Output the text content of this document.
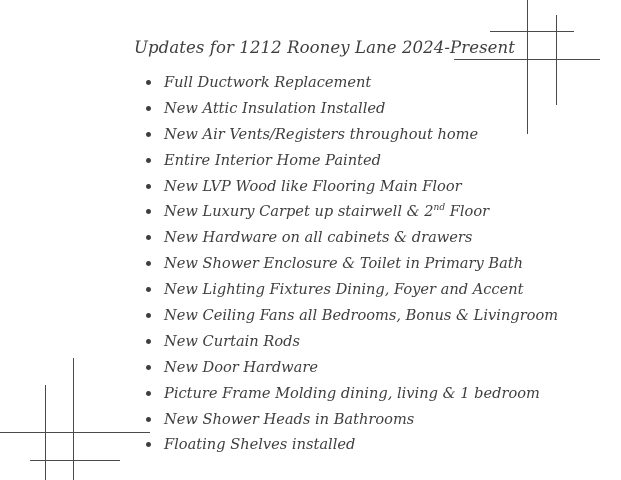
Updates for 1212 Rooney Lane 2024-Present
Full Ductwork Replacement
New Attic Insulation Installed
New Air Vents/Registers throughout home
Entire Interior Home Painted
New LVP Wood like Flooring Main Floor
New Luxury Carpet up stairwell & 2nd Floor
New Hardware on all cabinets & drawers
New Shower Enclosure & Toilet in Primary Bath
New Lighting Fixtures Dining, Foyer and Accent
New Ceiling Fans all Bedrooms, Bonus & Livingroom
New Curtain Rods
New Door Hardware
Picture Frame Molding dining, living & 1 bedroom
New Shower Heads in Bathrooms
Floating Shelves installed
